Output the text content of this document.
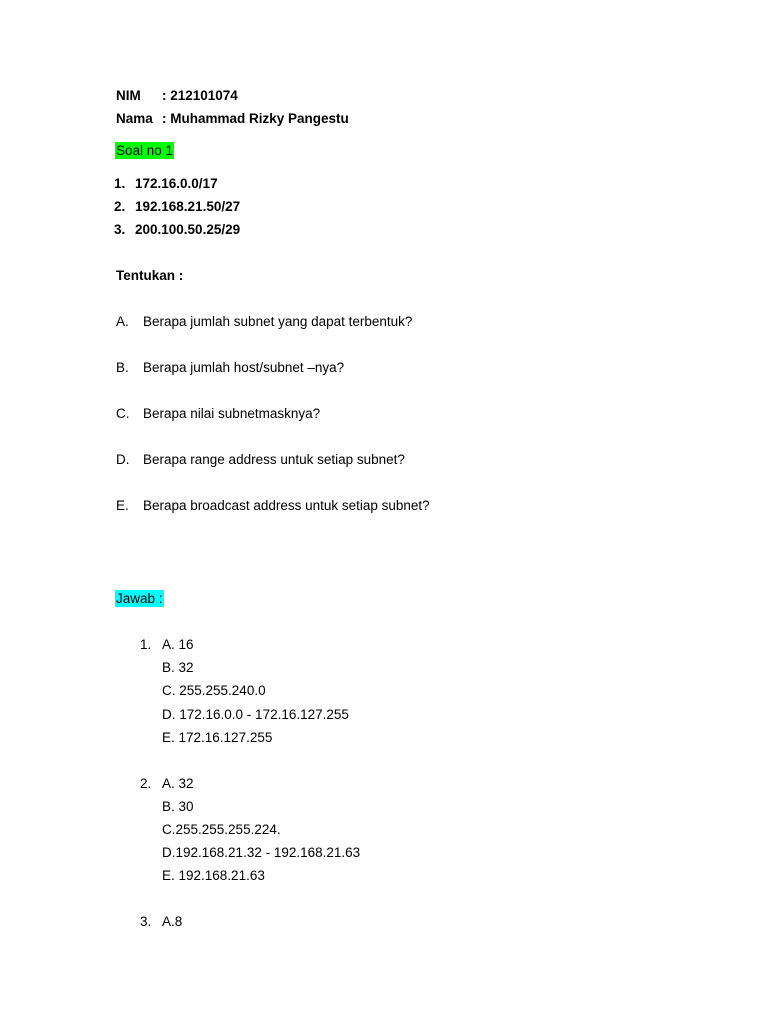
NIM : 212101074
Nama : Muhammad Rizky Pangestu
Soal no 1
1. 172.16.0.0/17
2. 192.168.21.50/27
3. 200.100.50.25/29
Tentukan :
A. Berapa jumlah subnet yang dapat terbentuk?
B. Berapa jumlah host/subnet –nya?
C. Berapa nilai subnetmasknya?
D. Berapa range address untuk setiap subnet?
E. Berapa broadcast address untuk setiap subnet?
Jawab :
1. A. 16
B. 32
C. 255.255.240.0
D. 172.16.0.0 - 172.16.127.255
E. 172.16.127.255
2. A. 32
B. 30
C.255.255.255.224.
D.192.168.21.32 - 192.168.21.63
E. 192.168.21.63
3. A.8
